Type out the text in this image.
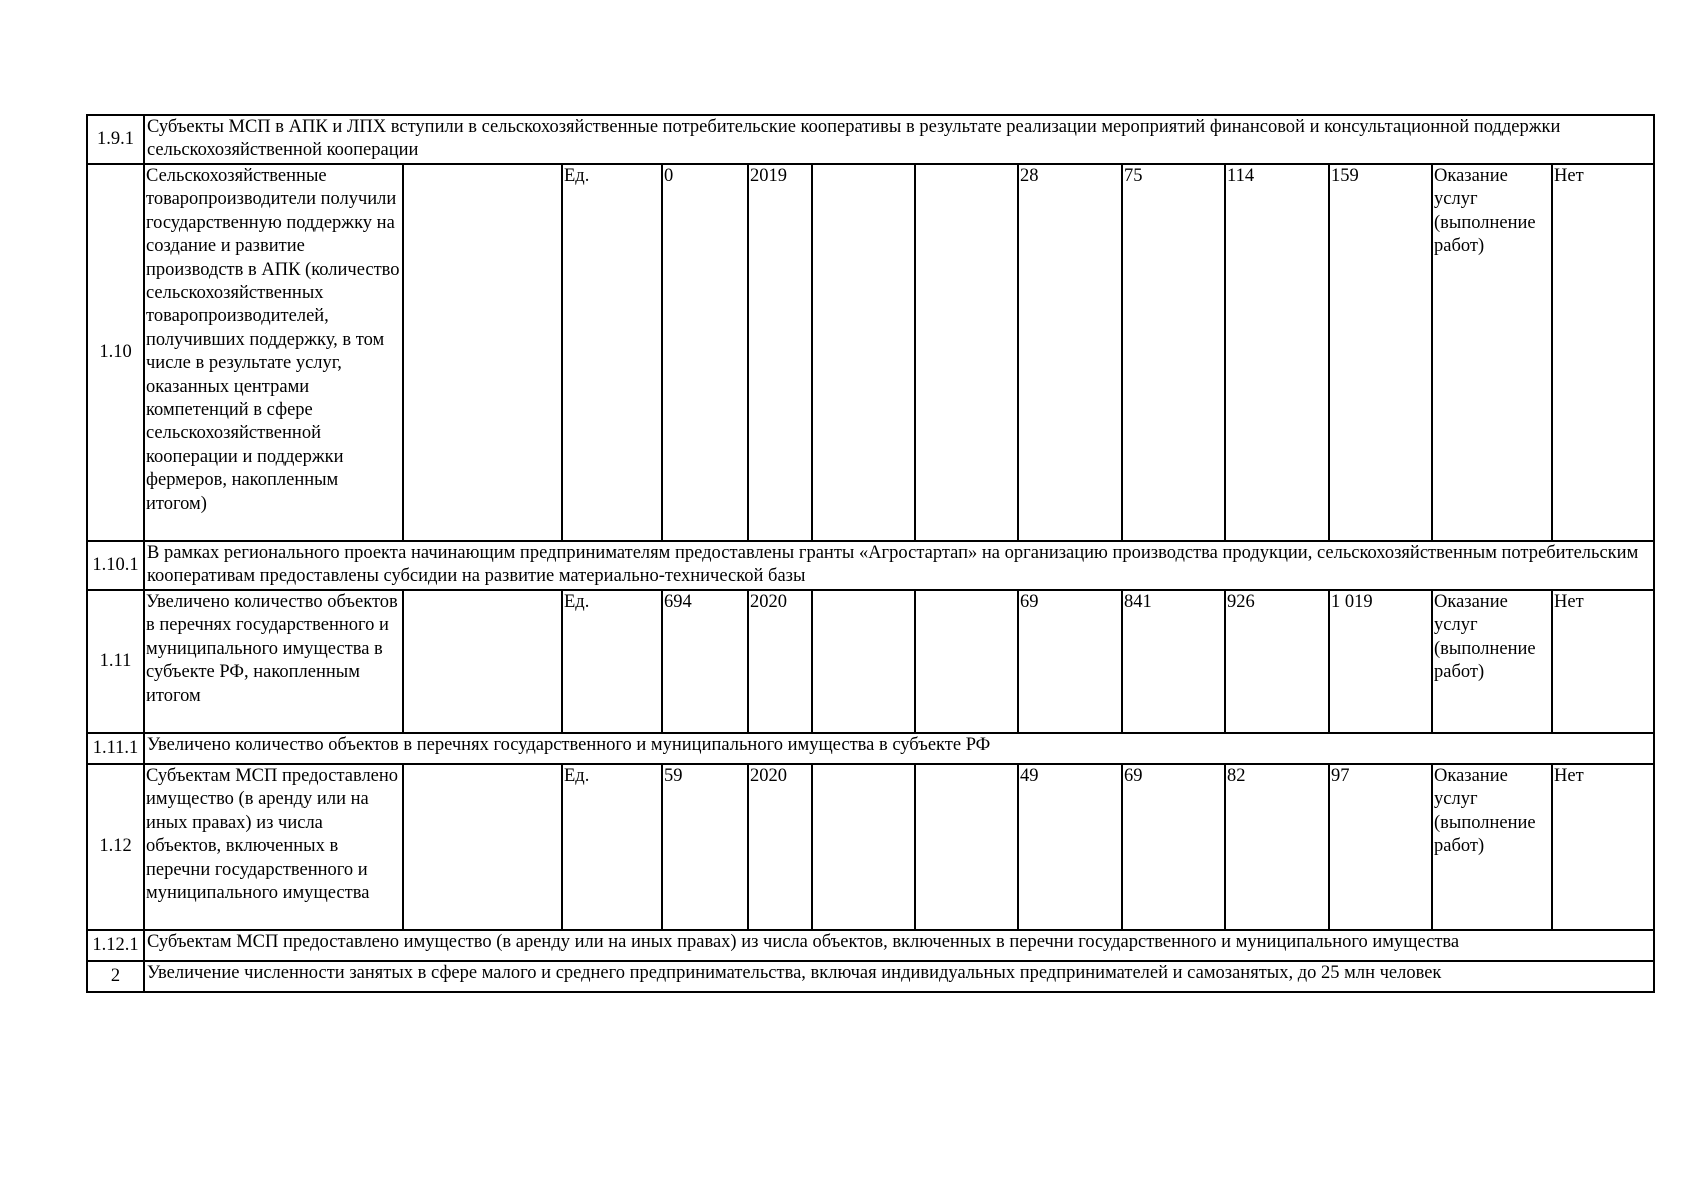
1.9.1	Субъекты МСП в АПК и ЛПХ вступили в сельскохозяйственные потребительские кооперативы в результате реализации мероприятий финансовой и консультационной поддержки сельскохозяйственной кооперации												
1.10	Сельскохозяйственные товаропроизводители получили государственную поддержку на создание и развитие производств в АПК (количество сельскохозяйственных товаропроизводителей, получивших поддержку, в том числе в результате услуг, оказанных центрами компетенций в сфере сельскохозяйственной кооперации и поддержки фермеров, накопленным итогом)		Ед.	0	2019			28	75	114	159	Оказание услуг (выполнение работ)	Нет
1.10.1	В рамках регионального проекта начинающим предпринимателям предоставлены гранты «Агростартап» на организацию производства продукции, сельскохозяйственным потребительским кооперативам предоставлены субсидии на развитие материально-технической базы												
1.11	Увеличено количество объектов в перечнях государственного и муниципального имущества в субъекте РФ, накопленным итогом		Ед.	694	2020			69	841	926	1 019	Оказание услуг (выполнение работ)	Нет
1.11.1	Увеличено количество объектов в перечнях государственного и муниципального имущества в субъекте РФ												
1.12	Субъектам МСП предоставлено имущество (в аренду или на иных правах) из числа объектов, включенных в перечни государственного и муниципального имущества		Ед.	59	2020			49	69	82	97	Оказание услуг (выполнение работ)	Нет
1.12.1	Субъектам МСП предоставлено имущество (в аренду или на иных правах) из числа объектов, включенных в перечни государственного и муниципального имущества												
2	Увеличение численности занятых в сфере малого и среднего предпринимательства, включая индивидуальных предпринимателей и самозанятых, до 25 млн человек												
